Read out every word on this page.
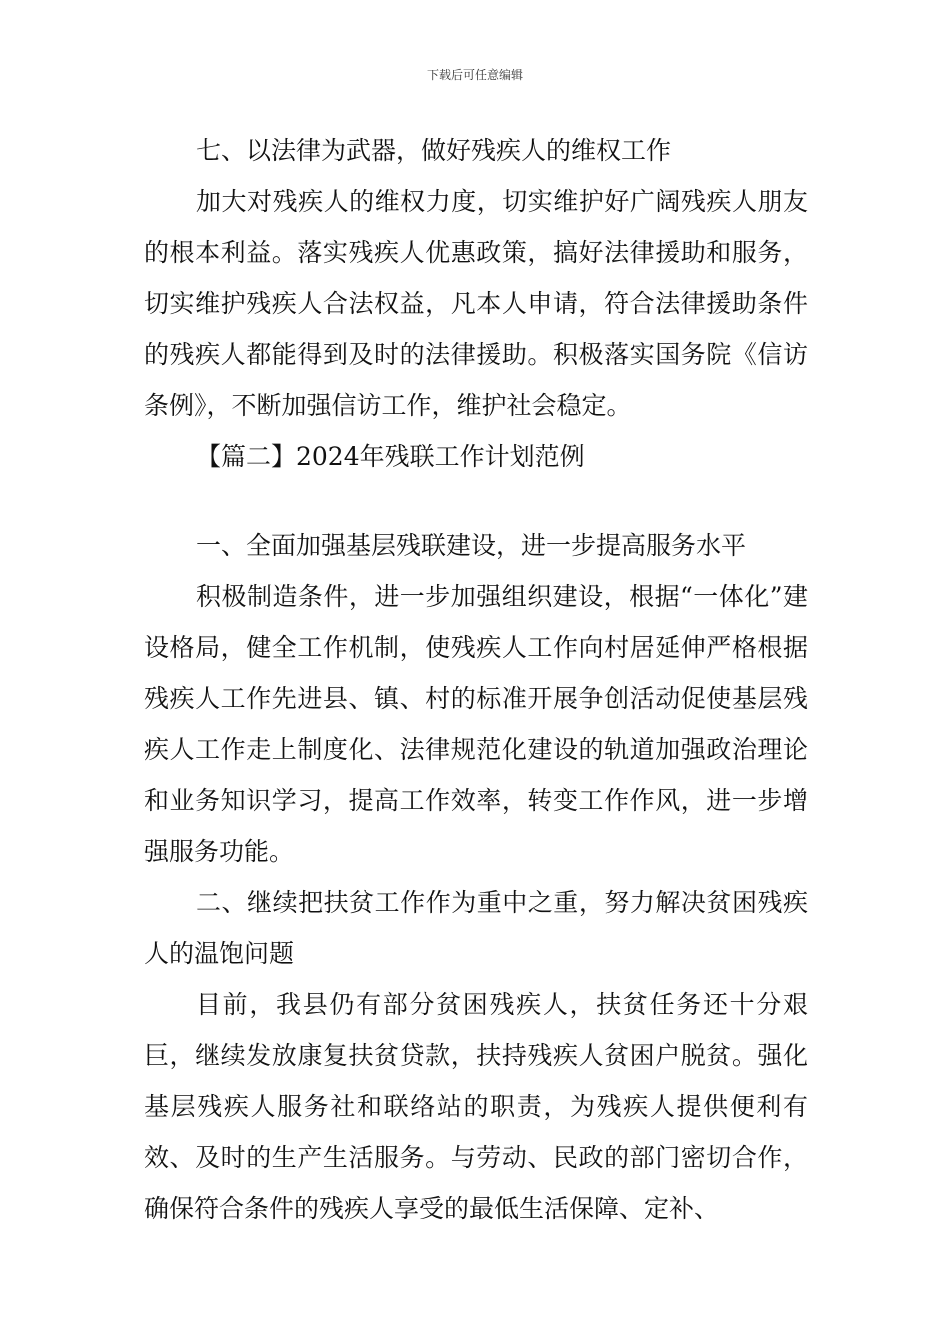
下载后可任意编辑

七、以法律为武器，做好残疾人的维权工作

加大对残疾人的维权力度，切实维护好广阔残疾人朋友的根本利益。落实残疾人优惠政策，搞好法律援助和服务，切实维护残疾人合法权益，凡本人申请，符合法律援助条件的残疾人都能得到及时的法律援助。积极落实国务院《信访条例》，不断加强信访工作，维护社会稳定。

【篇二】2024年残联工作计划范例

一、全面加强基层残联建设，进一步提高服务水平

积极制造条件，进一步加强组织建设，根据“一体化”建设格局，健全工作机制，使残疾人工作向村居延伸严格根据残疾人工作先进县、镇、村的标准开展争创活动促使基层残疾人工作走上制度化、法律规范化建设的轨道加强政治理论和业务知识学习，提高工作效率，转变工作作风，进一步增强服务功能。

二、继续把扶贫工作作为重中之重，努力解决贫困残疾人的温饱问题

目前，我县仍有部分贫困残疾人，扶贫任务还十分艰巨，继续发放康复扶贫贷款，扶持残疾人贫困户脱贫。强化基层残疾人服务社和联络站的职责，为残疾人提供便利有效、及时的生产生活服务。与劳动、民政的部门密切合作，确保符合条件的残疾人享受的最低生活保障、定补、
